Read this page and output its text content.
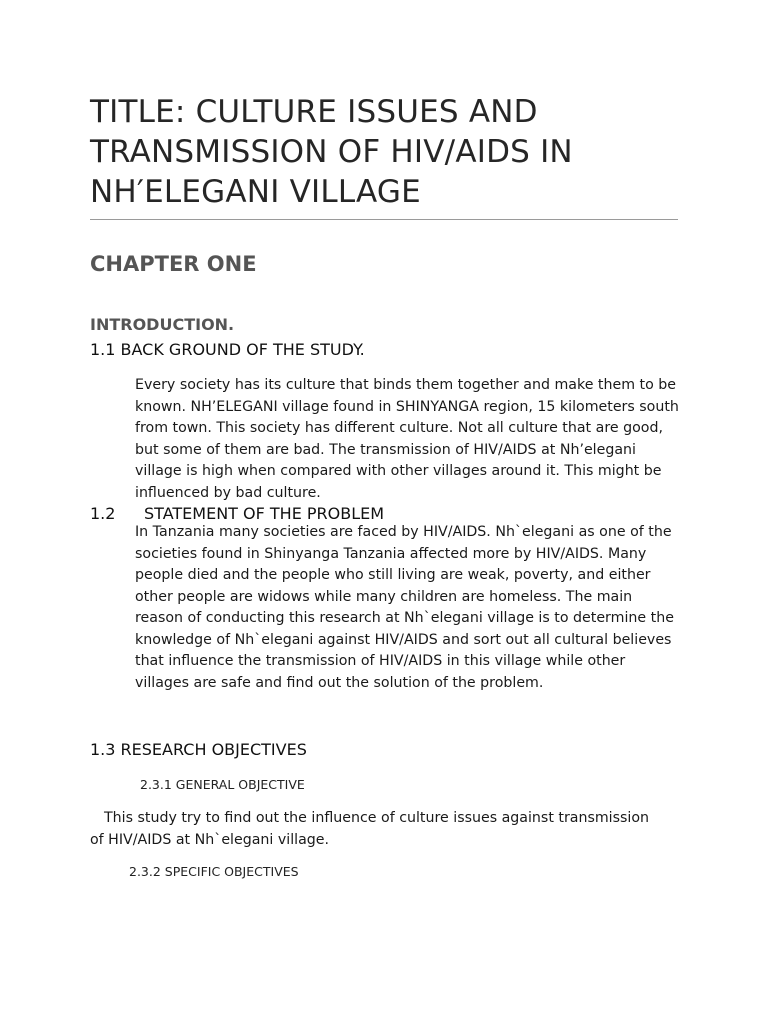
TITLE: CULTURE ISSUES AND
TRANSMISSION OF HIV/AIDS IN
NH′ELEGANI VILLAGE
CHAPTER ONE
INTRODUCTION.
1.1 BACK GROUND OF THE STUDY.

Every society has its culture that binds them together and make them to be known. NH’ELEGANI village found in SHINYANGA region, 15 kilometers south from town. This society has different culture. Not all culture that are good, but some of them are bad. The transmission of HIV/AIDS at Nh’elegani village is high when compared with other villages around it. This might be influenced by bad culture.

1.2 STATEMENT OF THE PROBLEM

In Tanzania many societies are faced by HIV/AIDS. Nh`elegani as one of the societies found in Shinyanga Tanzania affected more by HIV/AIDS. Many people died and the people who still living are weak, poverty, and either other people are widows while many children are homeless. The main reason of conducting this research at Nh`elegani village is to determine the knowledge of Nh`elegani against HIV/AIDS and sort out all cultural believes that influence the transmission of HIV/AIDS in this village while other villages are safe and find out the solution of the problem.

1.3 RESEARCH OBJECTIVES
2.3.1 GENERAL OBJECTIVE

This study try to find out the influence of culture issues against transmission of HIV/AIDS at Nh`elegani village.

2.3.2 SPECIFIC OBJECTIVES
